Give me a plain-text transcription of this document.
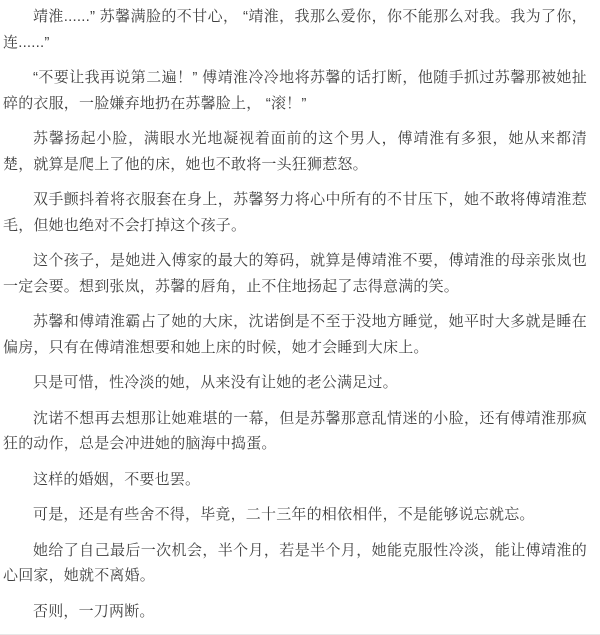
靖淮......” 苏馨满脸的不甘心， “靖淮，我那么爱你，你不能那么对我。我为了你，连......”

“不要让我再说第二遍！” 傅靖淮冷冷地将苏馨的话打断，他随手抓过苏馨那被她扯碎的衣服，一脸嫌弃地扔在苏馨脸上， “滚！”

苏馨扬起小脸，满眼水光地凝视着面前的这个男人，傅靖淮有多狠，她从来都清楚，就算是爬上了他的床，她也不敢将一头狂狮惹怒。

双手颤抖着将衣服套在身上，苏馨努力将心中所有的不甘压下，她不敢将傅靖淮惹毛，但她也绝对不会打掉这个孩子。

这个孩子，是她进入傅家的最大的筹码，就算是傅靖淮不要，傅靖淮的母亲张岚也一定会要。想到张岚，苏馨的唇角，止不住地扬起了志得意满的笑。

苏馨和傅靖淮霸占了她的大床，沈诺倒是不至于没地方睡觉，她平时大多就是睡在偏房，只有在傅靖淮想要和她上床的时候，她才会睡到大床上。

只是可惜，性冷淡的她，从来没有让她的老公满足过。

沈诺不想再去想那让她难堪的一幕，但是苏馨那意乱情迷的小脸，还有傅靖淮那疯狂的动作，总是会冲进她的脑海中捣蛋。

这样的婚姻，不要也罢。

可是，还是有些舍不得，毕竟，二十三年的相依相伴，不是能够说忘就忘。

她给了自己最后一次机会，半个月，若是半个月，她能克服性冷淡，能让傅靖淮的心回家，她就不离婚。

否则，一刀两断。
